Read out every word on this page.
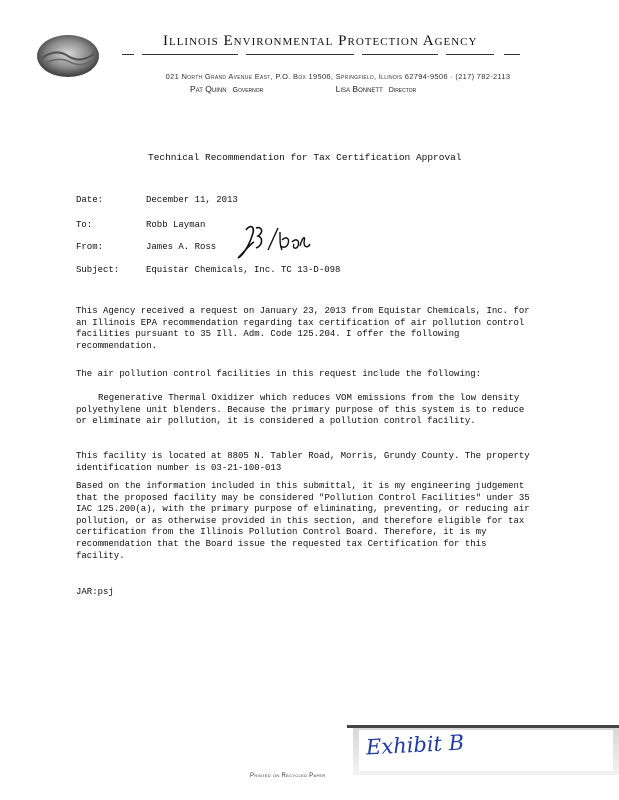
Illinois Environmental Protection Agency
021 North Grand Avenue East, P.O. Box 19506, Springfield, Illinois 62794-9506 · (217) 782-2113
Pat Quinn Governor	Lisa Bonnett Director
Technical Recommendation for Tax Certification Approval
Date:	December 11, 2013
To:	Robb Layman
From:	James A. Ross
Subject:	Equistar Chemicals, Inc. TC 13-D-098

This Agency received a request on January 23, 2013 from Equistar Chemicals, Inc. for an Illinois EPA recommendation regarding tax certification of air pollution control facilities pursuant to 35 Ill. Adm. Code 125.204. I offer the following recommendation.

The air pollution control facilities in this request include the following:

Regenerative Thermal Oxidizer which reduces VOM emissions from the low density polyethylene unit blenders. Because the primary purpose of this system is to reduce or eliminate air pollution, it is considered a pollution control facility.

This facility is located at 8805 N. Tabler Road, Morris, Grundy County. The property identification number is 03-21-100-013

Based on the information included in this submittal, it is my engineering judgement that the proposed facility may be considered "Pollution Control Facilities" under 35 IAC 125.200(a), with the primary purpose of eliminating, preventing, or reducing air pollution, or as otherwise provided in this section, and therefore eligible for tax certification from the Illinois Pollution Control Board. Therefore, it is my recommendation that the Board issue the requested tax Certification for this facility.

JAR:psj
Exhibit B
Printed on Recycled Paper
